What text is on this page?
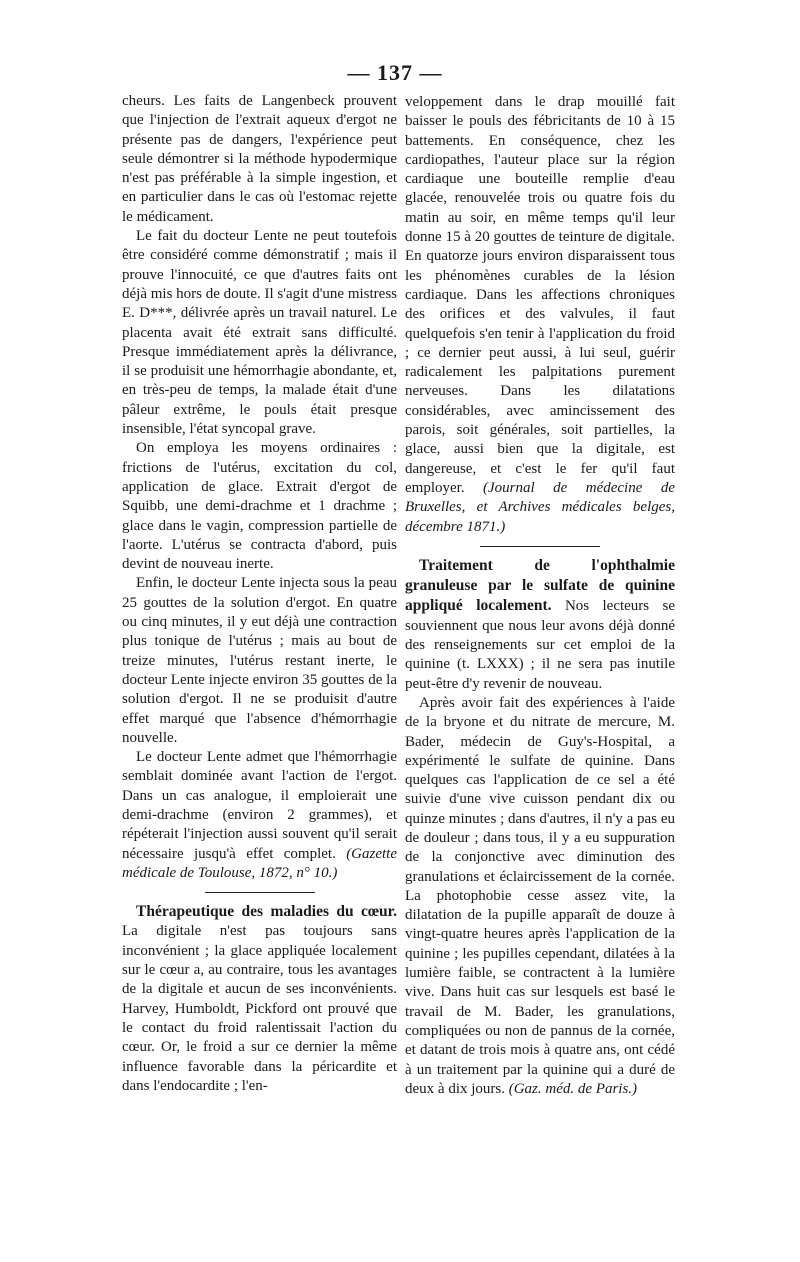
— 137 —

cheurs. Les faits de Langenbeck prouvent que l'injection de l'extrait aqueux d'ergot ne présente pas de dangers, l'expérience peut seule démontrer si la méthode hypodermique n'est pas préférable à la simple ingestion, et en particulier dans le cas où l'estomac rejette le médicament.

Le fait du docteur Lente ne peut toutefois être considéré comme démonstratif ; mais il prouve l'innocuité, ce que d'autres faits ont déjà mis hors de doute. Il s'agit d'une mistress E. D***, délivrée après un travail naturel. Le placenta avait été extrait sans difficulté. Presque immédiatement après la délivrance, il se produisit une hémorrhagie abondante, et, en très-peu de temps, la malade était d'une pâleur extrême, le pouls était presque insensible, l'état syncopal grave.

On employa les moyens ordinaires : frictions de l'utérus, excitation du col, application de glace. Extrait d'ergot de Squibb, une demi-drachme et 1 drachme ; glace dans le vagin, compression partielle de l'aorte. L'utérus se contracta d'abord, puis devint de nouveau inerte.

Enfin, le docteur Lente injecta sous la peau 25 gouttes de la solution d'ergot. En quatre ou cinq minutes, il y eut déjà une contraction plus tonique de l'utérus ; mais au bout de treize minutes, l'utérus restant inerte, le docteur Lente injecte environ 35 gouttes de la solution d'ergot. Il ne se produisit d'autre effet marqué que l'absence d'hémorrhagie nouvelle.

Le docteur Lente admet que l'hémorrhagie semblait dominée avant l'action de l'ergot. Dans un cas analogue, il emploierait une demi-drachme (environ 2 grammes), et répéterait l'injection aussi souvent qu'il serait nécessaire jusqu'à effet complet. (Gazette médicale de Toulouse, 1872, n° 10.)

Thérapeutique des maladies du cœur. La digitale n'est pas toujours sans inconvénient ; la glace appliquée localement sur le cœur a, au contraire, tous les avantages de la digitale et aucun de ses inconvénients. Harvey, Humboldt, Pickford ont prouvé que le contact du froid ralentissait l'action du cœur. Or, le froid a sur ce dernier la même influence favorable dans la péricardite et dans l'endocardite ; l'en-

veloppement dans le drap mouillé fait baisser le pouls des fébricitants de 10 à 15 battements. En conséquence, chez les cardiopathes, l'auteur place sur la région cardiaque une bouteille remplie d'eau glacée, renouvelée trois ou quatre fois du matin au soir, en même temps qu'il leur donne 15 à 20 gouttes de teinture de digitale. En quatorze jours environ disparaissent tous les phénomènes curables de la lésion cardiaque. Dans les affections chroniques des orifices et des valvules, il faut quelquefois s'en tenir à l'application du froid ; ce dernier peut aussi, à lui seul, guérir radicalement les palpitations purement nerveuses. Dans les dilatations considérables, avec amincissement des parois, soit générales, soit partielles, la glace, aussi bien que la digitale, est dangereuse, et c'est le fer qu'il faut employer. (Journal de médecine de Bruxelles, et Archives médicales belges, décembre 1871.)

Traitement de l'ophthalmie granuleuse par le sulfate de quinine appliqué localement. Nos lecteurs se souviennent que nous leur avons déjà donné des renseignements sur cet emploi de la quinine (t. LXXX) ; il ne sera pas inutile peut-être d'y revenir de nouveau.

Après avoir fait des expériences à l'aide de la bryone et du nitrate de mercure, M. Bader, médecin de Guy's-Hospital, a expérimenté le sulfate de quinine. Dans quelques cas l'application de ce sel a été suivie d'une vive cuisson pendant dix ou quinze minutes ; dans d'autres, il n'y a pas eu de douleur ; dans tous, il y a eu suppuration de la conjonctive avec diminution des granulations et éclaircissement de la cornée. La photophobie cesse assez vite, la dilatation de la pupille apparaît de douze à vingt-quatre heures après l'application de la quinine ; les pupilles cependant, dilatées à la lumière faible, se contractent à la lumière vive. Dans huit cas sur lesquels est basé le travail de M. Bader, les granulations, compliquées ou non de pannus de la cornée, et datant de trois mois à quatre ans, ont cédé à un traitement par la quinine qui a duré de deux à dix jours. (Gaz. méd. de Paris.)
